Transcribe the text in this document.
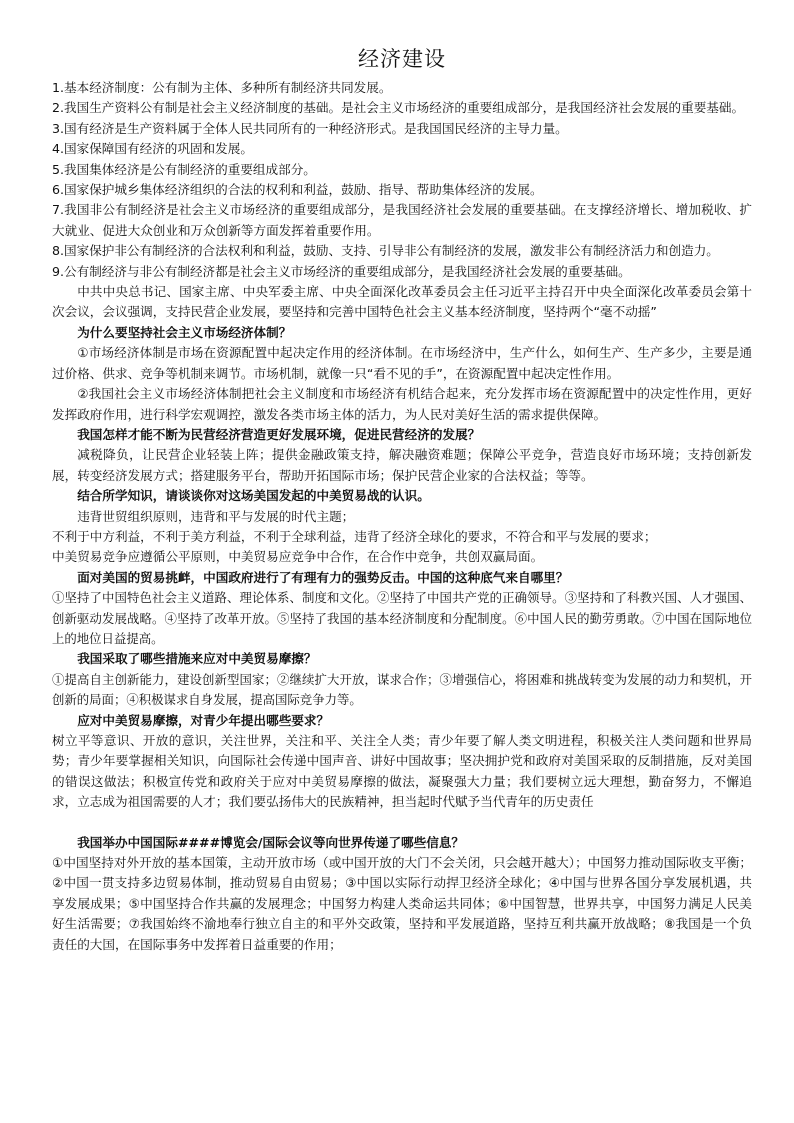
经济建设

1.基本经济制度：公有制为主体、多种所有制经济共同发展。

2.我国生产资料公有制是社会主义经济制度的基础。是社会主义市场经济的重要组成部分，是我国经济社会发展的重要基础。

3.国有经济是生产资料属于全体人民共同所有的一种经济形式。是我国国民经济的主导力量。

4.国家保障国有经济的巩固和发展。

5.我国集体经济是公有制经济的重要组成部分。

6.国家保护城乡集体经济组织的合法的权利和利益，鼓励、指导、帮助集体经济的发展。

7.我国非公有制经济是社会主义市场经济的重要组成部分，是我国经济社会发展的重要基础。在支撑经济增长、增加税收、扩大就业、促进大众创业和万众创新等方面发挥着重要作用。

8.国家保护非公有制经济的合法权利和利益，鼓励、支持、引导非公有制经济的发展，激发非公有制经济活力和创造力。

9.公有制经济与非公有制经济都是社会主义市场经济的重要组成部分，是我国经济社会发展的重要基础。

中共中央总书记、国家主席、中央军委主席、中央全面深化改革委员会主任习近平主持召开中央全面深化改革委员会第十次会议，会议强调，支持民营企业发展，要坚持和完善中国特色社会主义基本经济制度，坚持两个“毫不动摇”

为什么要坚持社会主义市场经济体制？

①市场经济体制是市场在资源配置中起决定作用的经济体制。在市场经济中，生产什么，如何生产、生产多少，主要是通过价格、供求、竞争等机制来调节。市场机制，就像一只“看不见的手”，在资源配置中起决定性作用。

②我国社会主义市场经济体制把社会主义制度和市场经济有机结合起来，充分发挥市场在资源配置中的决定性作用，更好发挥政府作用，进行科学宏观调控，激发各类市场主体的活力，为人民对美好生活的需求提供保障。

我国怎样才能不断为民营经济营造更好发展环境，促进民营经济的发展？

减税降负，让民营企业轻装上阵；提供金融政策支持，解决融资难题；保障公平竞争，营造良好市场环境；支持创新发展，转变经济发展方式；搭建服务平台，帮助开拓国际市场；保护民营企业家的合法权益；等等。

结合所学知识，请谈谈你对这场美国发起的中美贸易战的认识。

违背世贸组织原则，违背和平与发展的时代主题；

不利于中方利益，不利于美方利益，不利于全球利益，违背了经济全球化的要求，不符合和平与发展的要求；

中美贸易竞争应遵循公平原则，中美贸易应竞争中合作，在合作中竞争，共创双赢局面。

面对美国的贸易挑衅，中国政府进行了有理有力的强势反击。中国的这种底气来自哪里？

①坚持了中国特色社会主义道路、理论体系、制度和文化。②坚持了中国共产党的正确领导。③坚持和了科教兴国、人才强国、创新驱动发展战略。④坚持了改革开放。⑤坚持了我国的基本经济制度和分配制度。⑥中国人民的勤劳勇敢。⑦中国在国际地位上的地位日益提高。

我国采取了哪些措施来应对中美贸易摩擦？

①提高自主创新能力，建设创新型国家；②继续扩大开放，谋求合作；③增强信心，将困难和挑战转变为发展的动力和契机，开创新的局面；④积极谋求自身发展，提高国际竞争力等。

应对中美贸易摩擦，对青少年提出哪些要求？

树立平等意识、开放的意识，关注世界，关注和平、关注全人类；青少年要了解人类文明进程，积极关注人类问题和世界局势；青少年要掌握相关知识，向国际社会传递中国声音、讲好中国故事；坚决拥护党和政府对美国采取的反制措施，反对美国的错误这做法；积极宣传党和政府关于应对中美贸易摩擦的做法，凝聚强大力量；我们要树立远大理想，勤奋努力，不懈追求，立志成为祖国需要的人才；我们要弘扬伟大的民族精神，担当起时代赋予当代青年的历史责任

我国举办中国国际####博览会/国际会议等向世界传递了哪些信息？

①中国坚持对外开放的基本国策，主动开放市场（或中国开放的大门不会关闭，只会越开越大）；中国努力推动国际收支平衡；②中国一贯支持多边贸易体制，推动贸易自由贸易；③中国以实际行动捍卫经济全球化；④中国与世界各国分享发展机遇，共享发展成果；⑤中国坚持合作共赢的发展理念；中国努力构建人类命运共同体；⑥中国智慧，世界共享，中国努力满足人民美好生活需要；⑦我国始终不渝地奉行独立自主的和平外交政策，坚持和平发展道路，坚持互利共赢开放战略；⑧我国是一个负责任的大国，在国际事务中发挥着日益重要的作用；
